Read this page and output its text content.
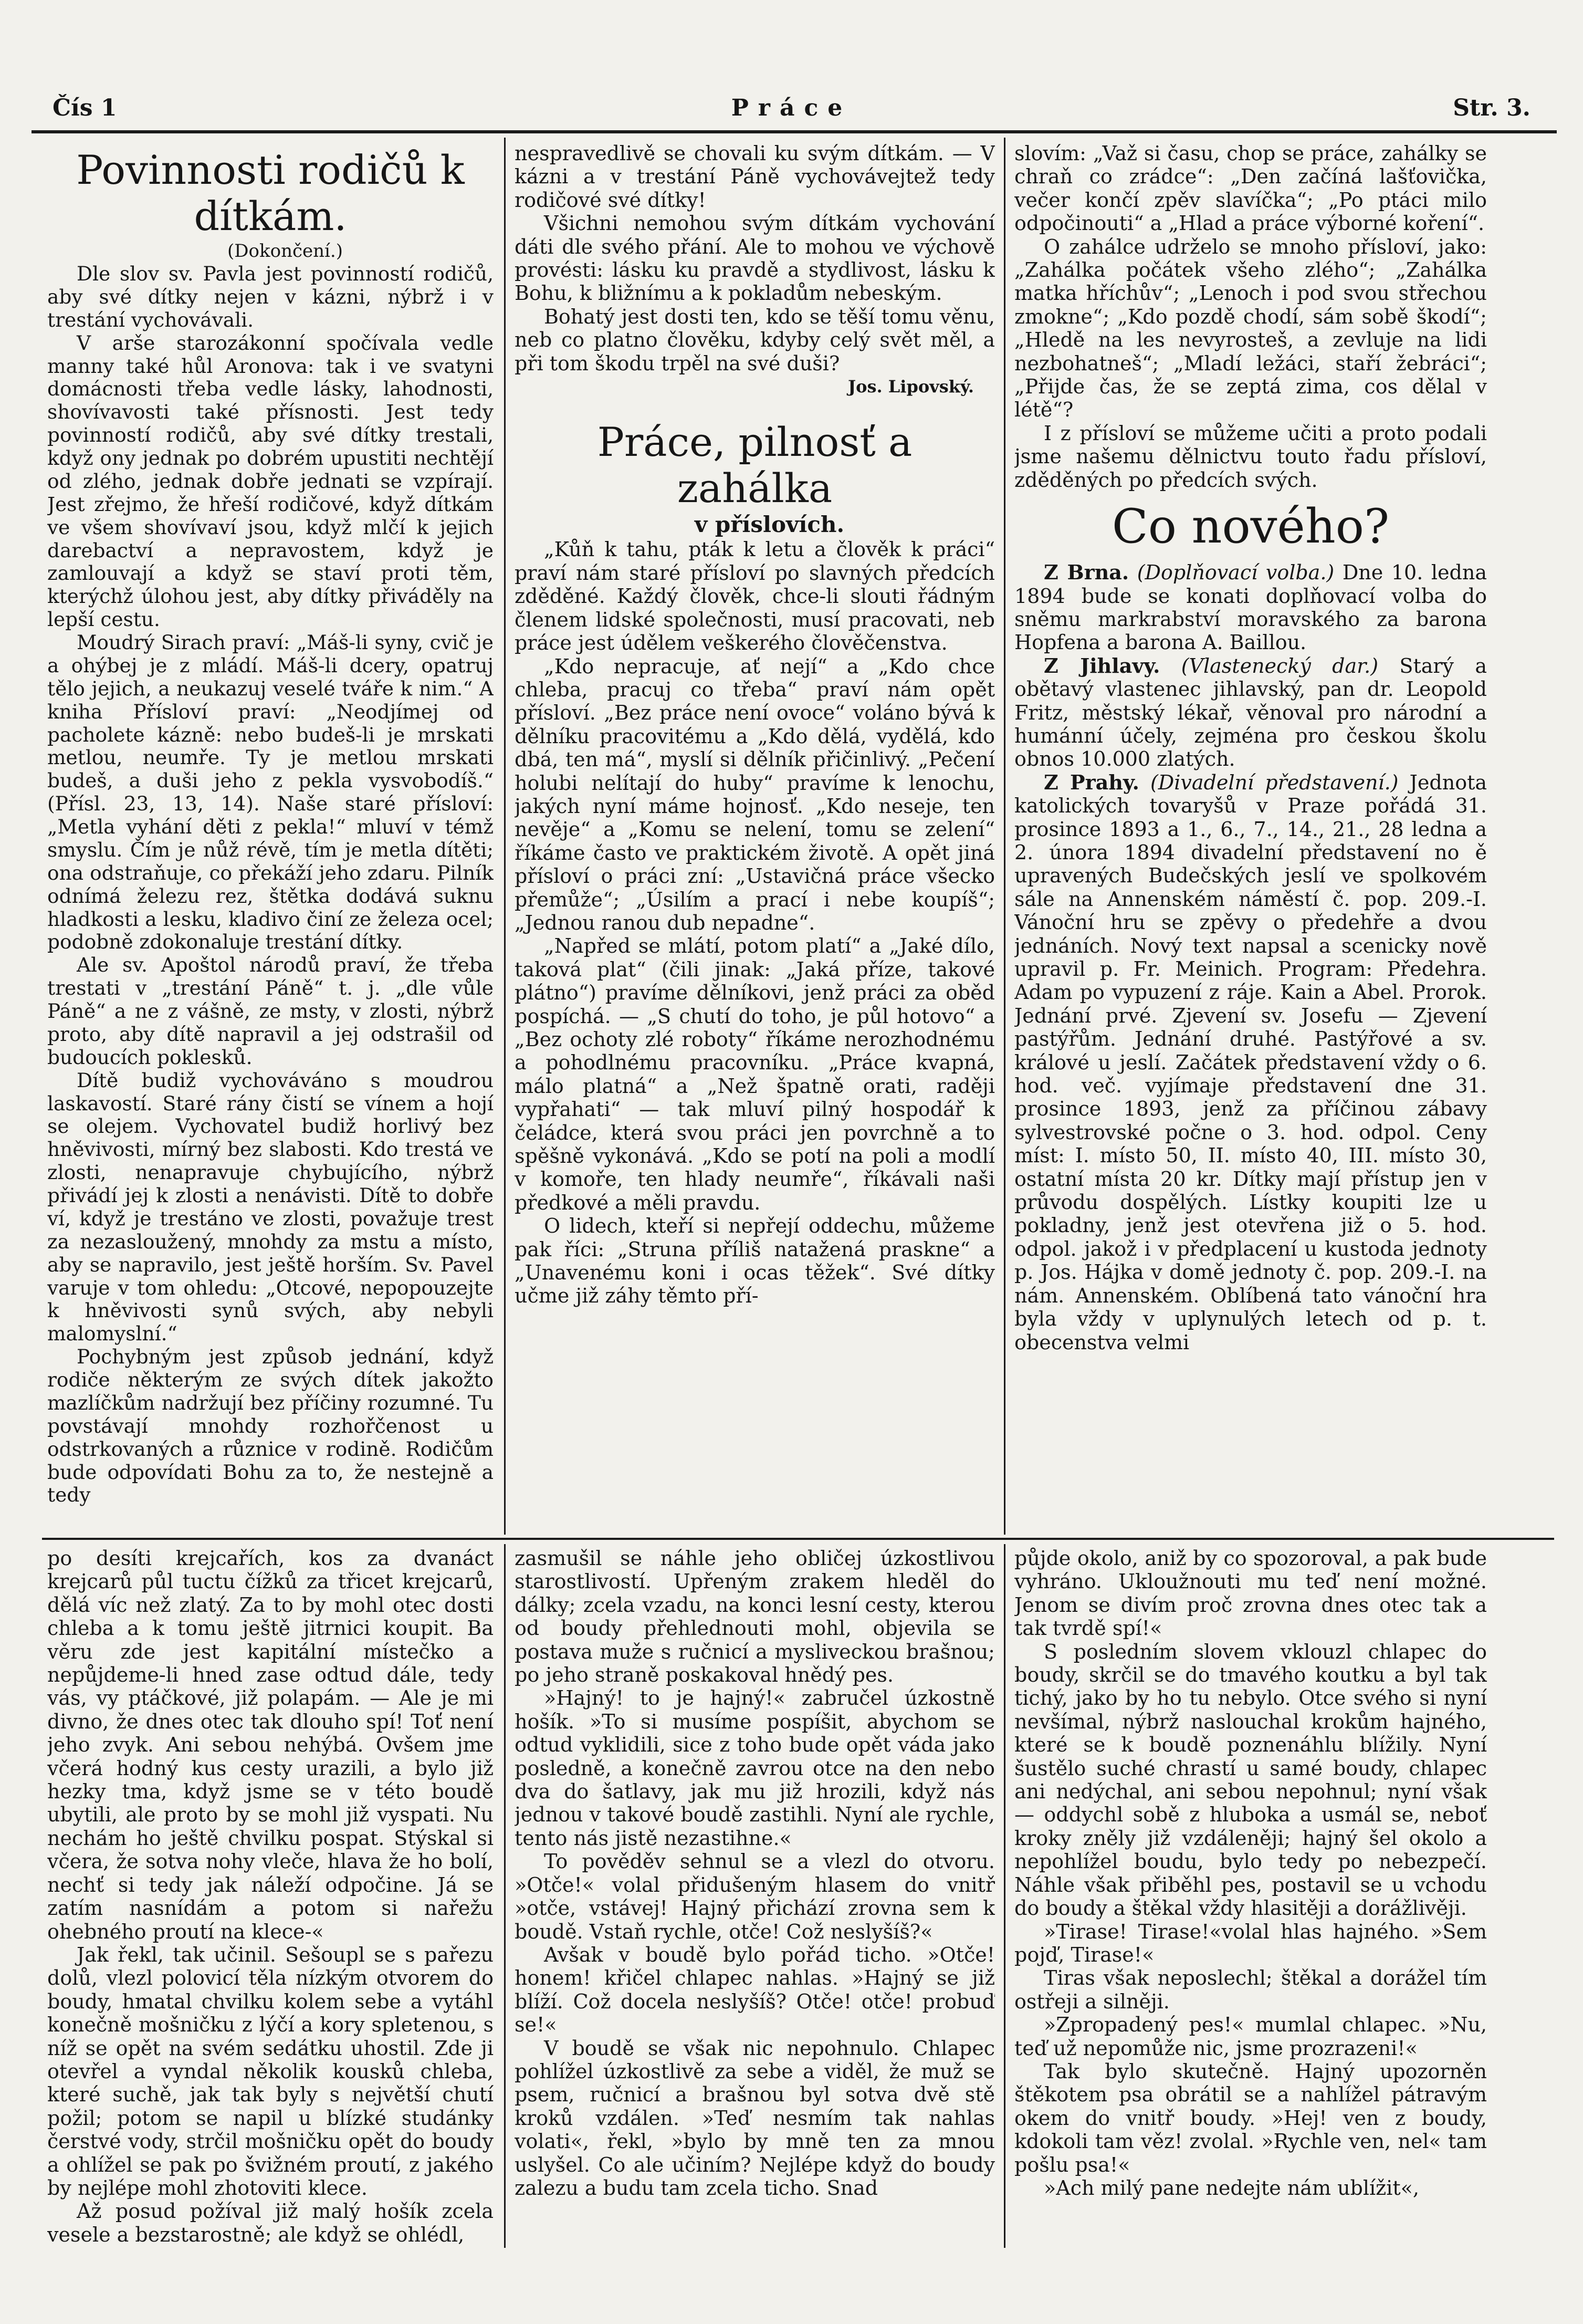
Čís 1	Práce	Str. 3.
Povinnosti rodičů k dítkám.

(Dokončení.)

Dle slov sv. Pavla jest povinností rodičů, aby své dítky nejen v kázni, nýbrž i v trestání vychovávali.

V arše starozákonní spočívala vedle manny také hůl Aronova: tak i ve svatyni domácnosti třeba vedle lásky, lahodnosti, shovívavosti také přísnosti. Jest tedy povinností rodičů, aby své dítky trestali, když ony jednak po dobrém upustiti nechtějí od zlého, jednak dobře jednati se vzpírají. Jest zřejmo, že hřeší rodičové, když dítkám ve všem shovívaví jsou, když mlčí k jejich darebactví a nepravostem, když je zamlouvají a když se staví proti těm, kterýchž úlohou jest, aby dítky přiváděly na lepší cestu.

Moudrý Sirach praví: „Máš-li syny, cvič je a ohýbej je z mládí. Máš-li dcery, opatruj tělo jejich, a neukazuj veselé tváře k nim.“ A kniha Přísloví praví: „Neodjímej od pacholete kázně: nebo budeš-li je mrskati metlou, neumře. Ty je metlou mrskati budeš, a duši jeho z pekla vysvobodíš.“ (Přísl. 23, 13, 14). Naše staré přísloví: „Metla vyhání děti z pekla!“ mluví v témž smyslu. Čím je nůž révě, tím je metla dítěti; ona odstraňuje, co překáží jeho zdaru. Pilník odnímá železu rez, štětka dodává suknu hladkosti a lesku, kladivo činí ze železa ocel; podobně zdokonaluje trestání dítky.

Ale sv. Apoštol národů praví, že třeba trestati v „trestání Páně“ t. j. „dle vůle Páně“ a ne z vášně, ze msty, v zlosti, nýbrž proto, aby dítě napravil a jej odstrašil od budoucích poklesků.

Dítě budiž vychováváno s moudrou laskavostí. Staré rány čistí se vínem a hojí se olejem. Vychovatel budiž horlivý bez hněvivosti, mírný bez slabosti. Kdo trestá ve zlosti, nenapravuje chybujícího, nýbrž přivádí jej k zlosti a nenávisti. Dítě to dobře ví, když je trestáno ve zlosti, považuje trest za nezasloužený, mnohdy za mstu a místo, aby se napravilo, jest ještě horším. Sv. Pavel varuje v tom ohledu: „Otcové, nepopouzejte k hněvivosti synů svých, aby nebyli malomyslní.“

Pochybným jest způsob jednání, když rodiče některým ze svých dítek jakožto mazlíčkům nadržují bez příčiny rozumné. Tu povstávají mnohdy rozhořčenost u odstrkovaných a různice v rodině. Rodičům bude odpovídati Bohu za to, že nestejně a tedy

nespravedlivě se chovali ku svým dítkám. — V kázni a v trestání Páně vychovávejtež tedy rodičové své dítky!

Všichni nemohou svým dítkám vychování dáti dle svého přání. Ale to mohou ve výchově provésti: lásku ku pravdě a stydlivost, lásku k Bohu, k bližnímu a k pokladům nebeským.

Bohatý jest dosti ten, kdo se těší tomu věnu, neb co platno člověku, kdyby celý svět měl, a při tom škodu trpěl na své duši?

Jos. Lipovský.

Práce, pilnosť a zahálka

v příslovích.

„Kůň k tahu, pták k letu a člověk k práci“ praví nám staré přísloví po slavných předcích zděděné. Každý člověk, chce-li slouti řádným členem lidské společnosti, musí pracovati, neb práce jest údělem veškerého člověčenstva.

„Kdo nepracuje, ať nejí“ a „Kdo chce chleba, pracuj co třeba“ praví nám opět přísloví. „Bez práce není ovoce“ voláno bývá k dělníku pracovitému a „Kdo dělá, vydělá, kdo dbá, ten má“, myslí si dělník přičinlivý. „Pečení holubi nelítají do huby“ pravíme k lenochu, jakých nyní máme hojnosť. „Kdo neseje, ten nevěje“ a „Komu se nelení, tomu se zelení“ říkáme často ve praktickém životě. A opět jiná přísloví o práci zní: „Ustavičná práce všecko přemůže“; „Úsilím a prací i nebe koupíš“; „Jednou ranou dub nepadne“.

„Napřed se mlátí, potom platí“ a „Jaké dílo, taková plat“ (čili jinak: „Jaká příze, takové plátno“) pravíme dělníkovi, jenž práci za oběd pospíchá. — „S chutí do toho, je půl hotovo“ a „Bez ochoty zlé roboty“ říkáme nerozhodnému a pohodlnému pracovníku. „Práce kvapná, málo platná“ a „Než špatně orati, raději vypřahati“ — tak mluví pilný hospodář k čeládce, která svou práci jen povrchně a to spěšně vykonává. „Kdo se potí na poli a modlí v komoře, ten hlady neumře“, říkávali naši předkové a měli pravdu.

O lidech, kteří si nepřejí oddechu, můžeme pak říci: „Struna příliš natažená praskne“ a „Unavenému koni i ocas těžek“. Své dítky učme již záhy těmto pří-

slovím: „Važ si času, chop se práce, zahálky se chraň co zrádce“: „Den začíná lašťovička, večer končí zpěv slavíčka“; „Po ptáci milo odpočinouti“ a „Hlad a práce výborné koření“.

O zahálce udrželo se mnoho přísloví, jako: „Zahálka počátek všeho zlého“; „Zahálka matka hříchův“; „Lenoch i pod svou střechou zmokne“; „Kdo pozdě chodí, sám sobě škodí“; „Hledě na les nevyrosteš, a zevluje na lidi nezbohatneš“; „Mladí ležáci, staří žebráci“; „Přijde čas, že se zeptá zima, cos dělal v létě“?

I z přísloví se můžeme učiti a proto podali jsme našemu dělnictvu touto řadu přísloví, zděděných po předcích svých.

Co nového?

Z Brna. (Doplňovací volba.) Dne 10. ledna 1894 bude se konati doplňovací volba do sněmu markrabství moravského za barona Hopfena a barona A. Baillou.

Z Jihlavy. (Vlastenecký dar.) Starý a obětavý vlastenec jihlavský, pan dr. Leopold Fritz, městský lékař, věnoval pro národní a humánní účely, zejména pro českou školu obnos 10.000 zlatých.

Z Prahy. (Divadelní představení.) Jednota katolických tovaryšů v Praze pořádá 31. prosince 1893 a 1., 6., 7., 14., 21., 28 ledna a 2. února 1894 divadelní představení no ě upravených Budečských jeslí ve spolkovém sále na Annenském náměstí č. pop. 209.-I. Vánoční hru se zpěvy o předehře a dvou jednáních. Nový text napsal a scenicky nově upravil p. Fr. Meinich. Program: Předehra. Adam po vypuzení z ráje. Kain a Abel. Prorok. Jednání prvé. Zjevení sv. Josefu — Zjevení pastýřům. Jednání druhé. Pastýřové a sv. králové u jeslí. Začátek představení vždy o 6. hod. več. vyjímaje představení dne 31. prosince 1893, jenž za příčinou zábavy sylvestrovské počne o 3. hod. odpol. Ceny míst: I. místo 50, II. místo 40, III. místo 30, ostatní místa 20 kr. Dítky mají přístup jen v průvodu dospělých. Lístky koupiti lze u pokladny, jenž jest otevřena již o 5. hod. odpol. jakož i v předplacení u kustoda jednoty p. Jos. Hájka v domě jednoty č. pop. 209.-I. na nám. Annenském. Oblíbená tato vánoční hra byla vždy v uplynulých letech od p. t. obecenstva velmi

po desíti krejcařích, kos za dvanáct krejcarů půl tuctu čížků za třicet krejcarů, dělá víc než zlatý. Za to by mohl otec dosti chleba a k tomu ještě jitrnici koupit. Ba věru zde jest kapitální místečko a nepůjdeme-li hned zase odtud dále, tedy vás, vy ptáčkové, již polapám. — Ale je mi divno, že dnes otec tak dlouho spí! Toť není jeho zvyk. Ani sebou nehýbá. Ovšem jme včerá hodný kus cesty urazili, a bylo již hezky tma, když jsme se v této boudě ubytili, ale proto by se mohl již vyspati. Nu nechám ho ještě chvilku pospat. Stýskal si včera, že sotva nohy vleče, hlava že ho bolí, nechť si tedy jak náleží odpočine. Já se zatím nasnídám a potom si nařežu ohebného proutí na klece-«

Jak řekl, tak učinil. Sešoupl se s pařezu dolů, vlezl polovicí těla nízkým otvorem do boudy, hmatal chvilku kolem sebe a vytáhl konečně mošničku z lýčí a kory spletenou, s níž se opět na svém sedátku uhostil. Zde ji otevřel a vyndal několik kousků chleba, které suchě, jak tak byly s největší chutí požil; potom se napil u blízké studánky čerstvé vody, strčil mošničku opět do boudy a ohlížel se pak po švižném proutí, z jakého by nejlépe mohl zhotoviti klece.

Až posud požíval již malý hošík zcela vesele a bezstarostně; ale když se ohlédl,

zasmušil se náhle jeho obličej úzkostlivou starostlivostí. Upřeným zrakem hleděl do dálky; zcela vzadu, na konci lesní cesty, kterou od boudy přehlednouti mohl, objevila se postava muže s ručnicí a mysliveckou brašnou; po jeho straně poskakoval hnědý pes.

»Hajný! to je hajný!« zabručel úzkostně hošík. »To si musíme pospíšit, abychom se odtud vyklidili, sice z toho bude opět váda jako posledně, a konečně zavrou otce na den nebo dva do šatlavy, jak mu již hrozili, když nás jednou v takové boudě zastihli. Nyní ale rychle, tento nás jistě nezastihne.«

To pověděv sehnul se a vlezl do otvoru. »Otče!« volal přidušeným hlasem do vnitř »otče, vstávej! Hajný přichází zrovna sem k boudě. Vstaň rychle, otče! Což neslyšíš?«

Avšak v boudě bylo pořád ticho. »Otče! honem! křičel chlapec nahlas. »Hajný se již blíží. Což docela neslyšíš? Otče! otče! probuď se!«

V boudě se však nic nepohnulo. Chlapec pohlížel úzkostlivě za sebe a viděl, že muž se psem, ručnicí a brašnou byl sotva dvě stě kroků vzdálen. »Teď nesmím tak nahlas volati«, řekl, »bylo by mně ten za mnou uslyšel. Co ale učiním? Nejlépe když do boudy zalezu a budu tam zcela ticho. Snad

půjde okolo, aniž by co spozoroval, a pak bude vyhráno. Ukloužnouti mu teď není možné. Jenom se divím proč zrovna dnes otec tak a tak tvrdě spí!«

S posledním slovem vklouzl chlapec do boudy, skrčil se do tmavého koutku a byl tak tichý, jako by ho tu nebylo. Otce svého si nyní nevšímal, nýbrž naslouchal krokům hajného, které se k boudě poznenáhlu blížily. Nyní šustělo suché chrastí u samé boudy, chlapec ani nedýchal, ani sebou nepohnul; nyní však — oddychl sobě z hluboka a usmál se, neboť kroky zněly již vzdáleněji; hajný šel okolo a nepohlížel boudu, bylo tedy po nebezpečí. Náhle však přiběhl pes, postavil se u vchodu do boudy a štěkal vždy hlasitěji a dorážlivěji.

»Tirase! Tirase!«volal hlas hajného. »Sem pojď, Tirase!«

Tiras však neposlechl; štěkal a dorážel tím ostřeji a silněji.

»Zpropadený pes!« mumlal chlapec. »Nu, teď už nepomůže nic, jsme prozrazeni!«

Tak bylo skutečně. Hajný upozorněn štěkotem psa obrátil se a nahlížel pátravým okem do vnitř boudy. »Hej! ven z boudy, kdokoli tam věz! zvolal. »Rychle ven, nel« tam pošlu psa!«

»Ach milý pane nedejte nám ublížit«,
